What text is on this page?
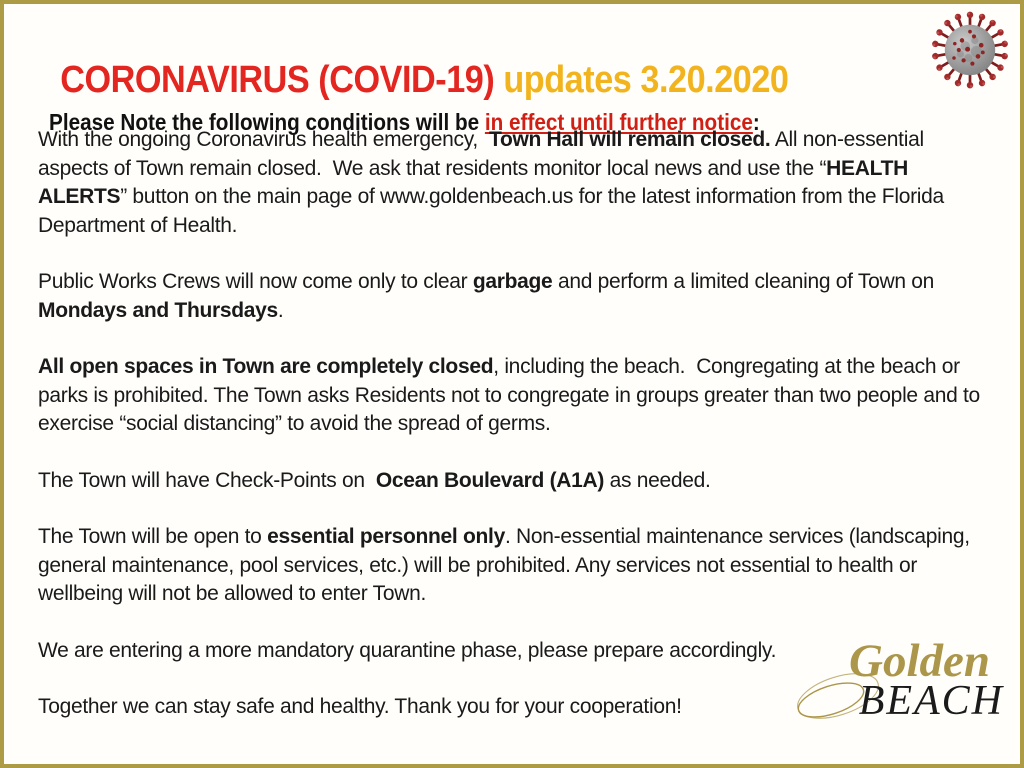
CORONAVIRUS (COVID-19) updates 3.20.2020

Please Note the following conditions will be in effect until further notice:

With the ongoing Coronavirus health emergency,  Town Hall will remain closed. All non-essential aspects of Town remain closed.  We ask that residents monitor local news and use the “HEALTH ALERTS” button on the main page of www.goldenbeach.us for the latest information from the Florida Department of Health.

Public Works Crews will now come only to clear garbage and perform a limited cleaning of Town on Mondays and Thursdays.

All open spaces in Town are completely closed, including the beach.  Congregating at the beach or parks is prohibited. The Town asks Residents not to congregate in groups greater than two people and to exercise “social distancing” to avoid the spread of germs.

The Town will have Check-Points on  Ocean Boulevard (A1A) as needed.

The Town will be open to essential personnel only. Non-essential maintenance services (landscaping, general maintenance, pool services, etc.) will be prohibited. Any services not essential to health or wellbeing will not be allowed to enter Town.

We are entering a more mandatory quarantine phase, please prepare accordingly.

Together we can stay safe and healthy. Thank you for your cooperation!

Golden
BEACH
